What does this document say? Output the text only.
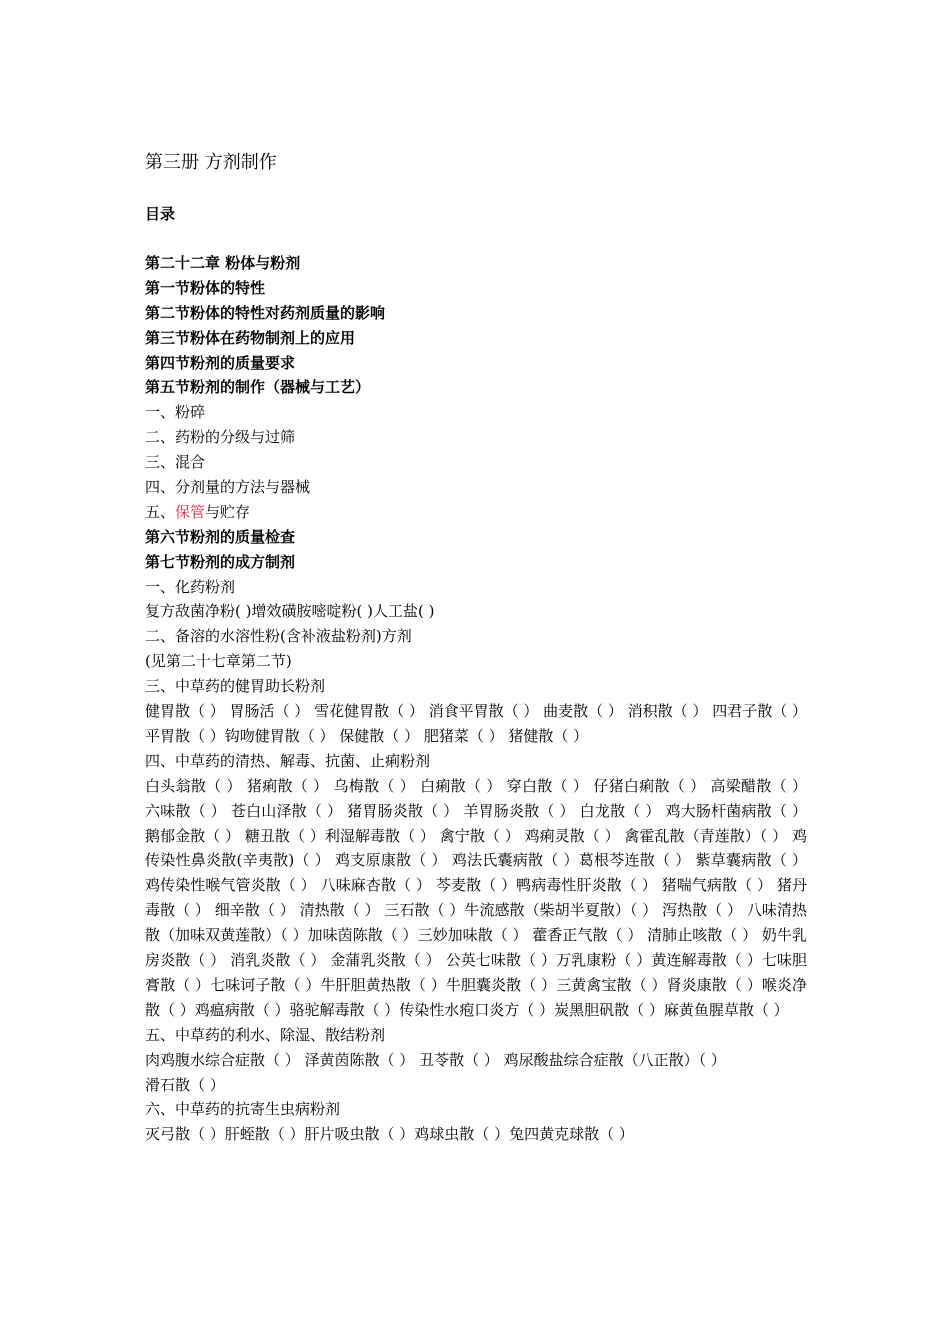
第三册 方剂制作
目录
第二十二章 粉体与粉剂
第一节粉体的特性
第二节粉体的特性对药剂质量的影响
第三节粉体在药物制剂上的应用
第四节粉剂的质量要求
第五节粉剂的制作（器械与工艺）
一、粉碎
二、药粉的分级与过筛
三、混合
四、分剂量的方法与器械
五、保管与贮存
第六节粉剂的质量检查
第七节粉剂的成方制剂
一、化药粉剂
复方敌菌净粉( )增效磺胺嘧啶粉( )人工盐( )
二、备溶的水溶性粉(含补液盐粉剂)方剂
(见第二十七章第二节)
三、中草药的健胃助长粉剂
健胃散（ ） 胃肠活（ ） 雪花健胃散（ ） 消食平胃散（ ） 曲麦散（ ） 消积散（ ） 四君子散（ ） 平胃散（ ）钩吻健胃散（ ） 保健散（ ） 肥猪菜（ ） 猪健散（ ）
四、中草药的清热、解毒、抗菌、止痢粉剂
白头翁散（ ） 猪痢散（ ） 乌梅散（ ） 白痢散（ ） 穿白散（ ） 仔猪白痢散（ ） 高梁醋散（ ） 六味散（ ） 苍白山泽散（ ） 猪胃肠炎散（ ） 羊胃肠炎散（ ） 白龙散（ ） 鸡大肠杆菌病散（ ） 鹅郁金散（ ） 糖丑散（ ）利湿解毒散（ ） 禽宁散（ ） 鸡痢灵散（ ） 禽霍乱散（青莲散）（ ） 鸡传染性鼻炎散(辛夷散)（ ） 鸡支原康散（ ） 鸡法氏囊病散（ ）葛根芩连散（ ） 紫草囊病散（ ）鸡传染性喉气管炎散（ ） 八味麻杏散（ ） 芩麦散（ ）鸭病毒性肝炎散（ ） 猪喘气病散（ ） 猪丹毒散（ ） 细辛散（ ） 清热散（ ） 三石散（ ）牛流感散（柴胡半夏散）（ ） 泻热散（ ） 八味清热散（加味双黄莲散）（ ）加味茵陈散（ ）三妙加味散（ ） 藿香正气散（ ） 清肺止咳散（ ） 奶牛乳房炎散（ ） 消乳炎散（ ） 金蒲乳炎散（ ） 公英七味散（ ）万乳康粉（ ）黄连解毒散（ ）七味胆膏散（ ）七味诃子散（ ）牛肝胆黄热散（ ）牛胆囊炎散（ ）三黄禽宝散（ ）肾炎康散（ ）喉炎净散（ ）鸡瘟病散（ ）骆驼解毒散（ ）传染性水疱口炎方（ ）炭黑胆矾散（ ）麻黄鱼腥草散（ ）
五、中草药的利水、除湿、散结粉剂
肉鸡腹水综合症散（ ） 泽黄茵陈散（ ） 丑苓散（ ） 鸡尿酸盐综合症散（八正散）（ ）
滑石散（ ）
六、中草药的抗寄生虫病粉剂
灭弓散（ ）肝蛭散（ ）肝片吸虫散（ ）鸡球虫散（ ）兔四黄克球散（ ）
